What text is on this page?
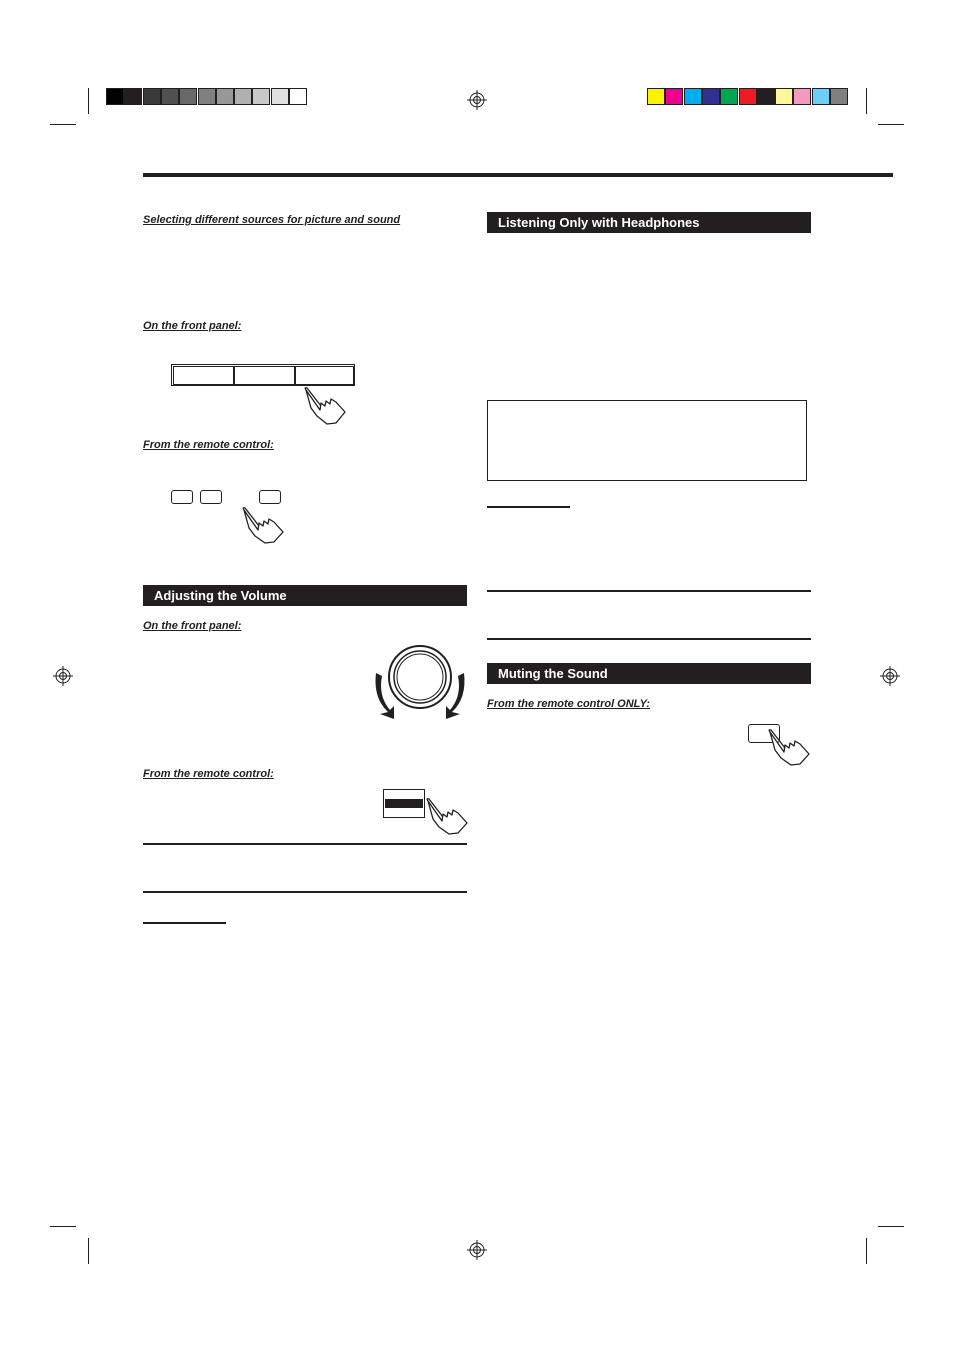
Selecting different sources for picture and sound
On the front panel:
From the remote control:
Adjusting the Volume
On the front panel:
From the remote control:
Listening Only with Headphones
Muting the Sound
From the remote control ONLY:
